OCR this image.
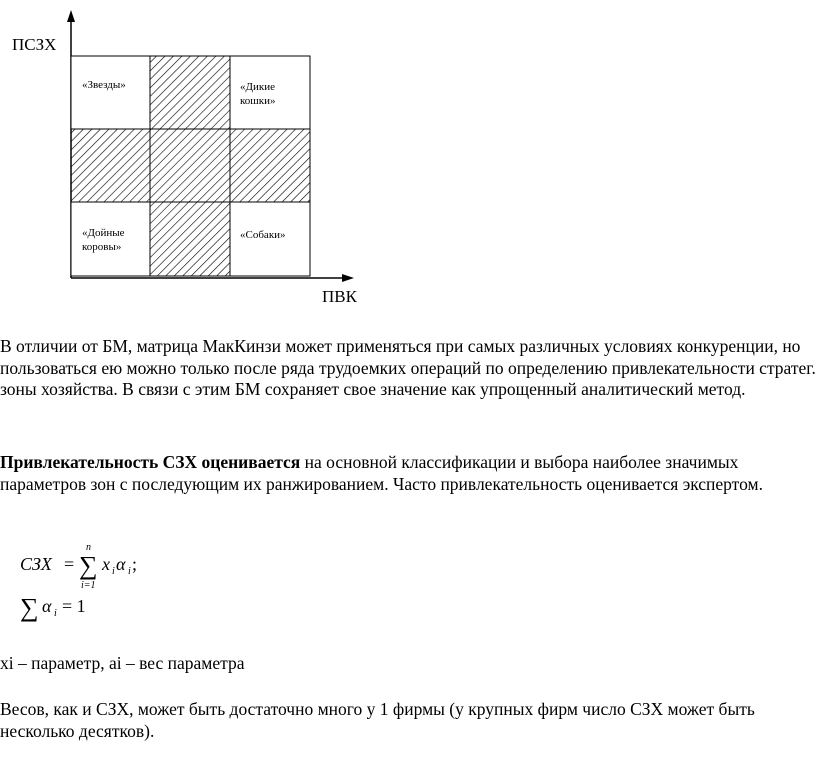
ПСЗХ
ПВК
«Звезды»	«Дикие
кошки»
«Дойные
коровы»
«Собаки»

В отличии от БМ, матрица МакКинзи может применяться при самых различных условиях конкуренции, но пользоваться ею можно только после ряда трудоемких операций по определению привлекательности стратег. зоны хозяйства. В связи с этим БМ сохраняет свое значение как упрощенный аналитический метод.

Привлекательность СЗХ оценивается на основной классификации и выбора наиболее значимых параметров зон с последующим их ранжированием. Часто привлекательность оценивается экспертом.

СЗХ =
n
∑
i=1
x i α i ;
∑ α i = 1

xi – параметр, ai – вес параметра

Весов, как и СЗХ, может быть достаточно много у 1 фирмы (у крупных фирм число СЗХ может быть несколько десятков).
